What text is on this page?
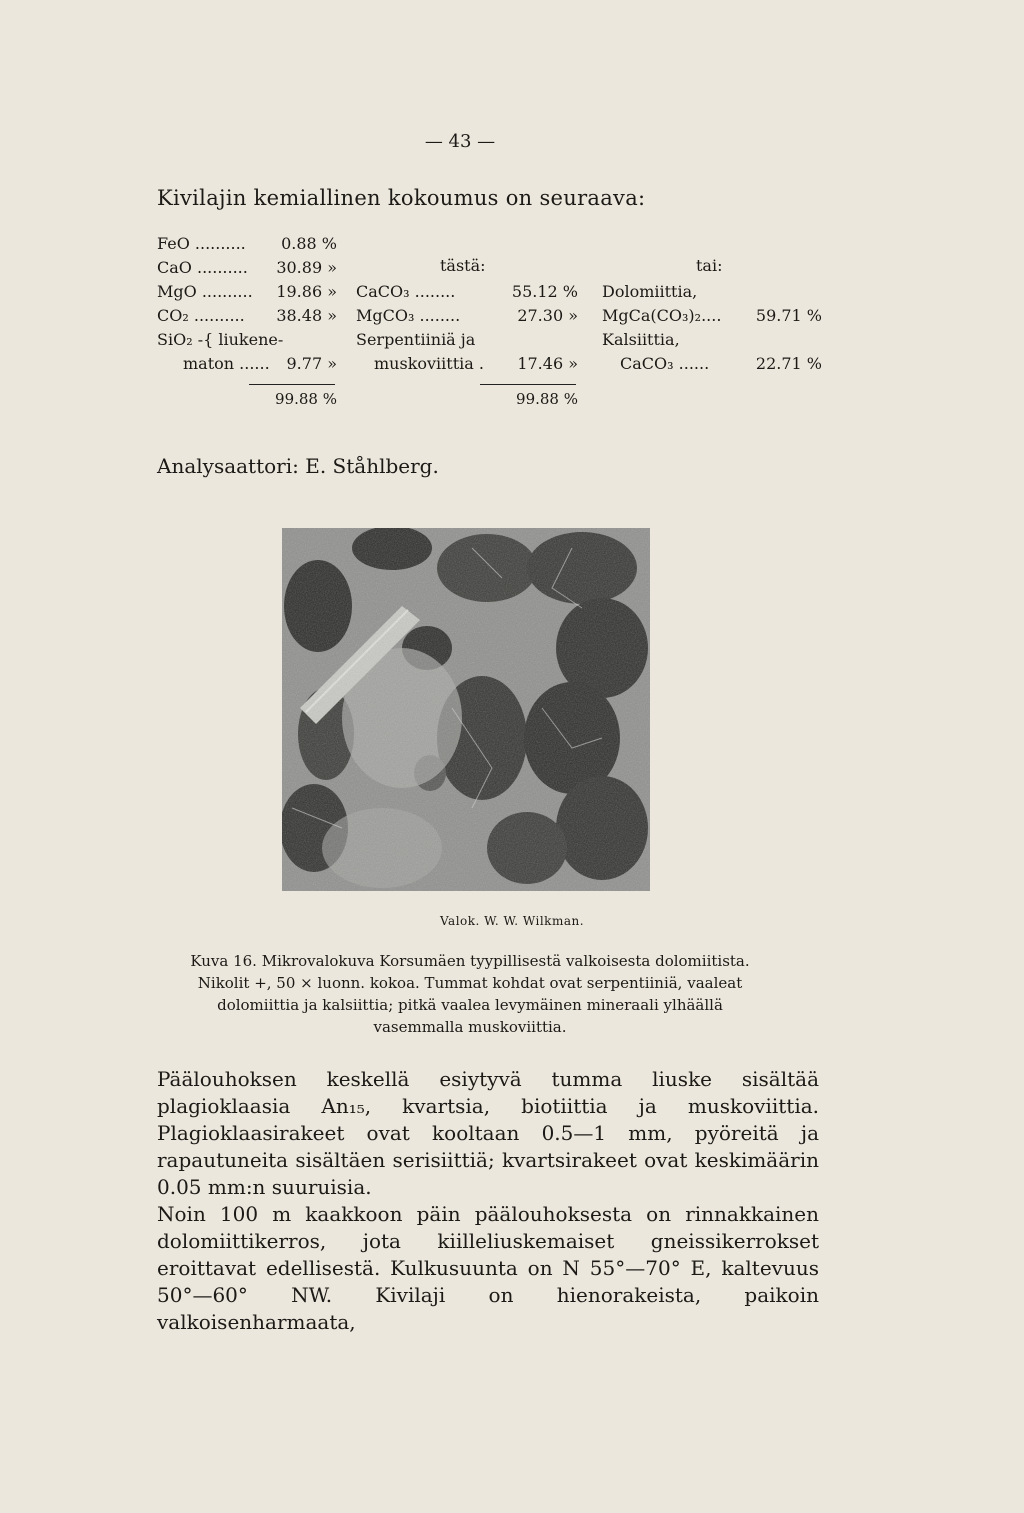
— 43 —
Kivilajin kemiallinen kokoumus on seuraava:
FeO .......... 0.88 %
CaO .......... 30.89 »
MgO .......... 19.86 »
CO₂ .......... 38.48 »
SiO₂ -{ liukene-
maton ...... 9.77 »
99.88 %
tästä:
CaCO₃ ........	55.12 %
MgCO₃ ........	27.30 »
Serpentiiniä ja
muskoviittia . 17.46 »
99.88 %
tai:
Dolomiittia,
MgCa(CO₃)₂.... 59.71 %
Kalsiittia,
CaCO₃ ......	22.71 %
Analysaattori: E. Ståhlberg.
Valok. W. W. Wilkman.
Kuva 16. Mikrovalokuva Korsumäen tyypillisestä valkoisesta dolomiitista. Nikolit +, 50 × luonn. kokoa. Tummat kohdat ovat serpentiiniä, vaaleat dolomiittia ja kalsiittia; pitkä vaalea levymäinen mineraali ylhäällä vasemmalla muskoviittia.

Päälouhoksen keskellä esiytyvä tumma liuske sisältää plagioklaasia An₁₅, kvartsia, biotiittia ja muskoviittia. Plagioklaasirakeet ovat kooltaan 0.5—1 mm, pyöreitä ja rapautuneita sisältäen serisiittiä; kvartsirakeet ovat keskimäärin 0.05 mm:n suuruisia.

Noin 100 m kaakkoon päin päälouhoksesta on rinnakkainen dolomiittikerros, jota kiilleliuskemaiset gneissikerrokset eroittavat edellisestä. Kulkusuunta on N 55°—70° E, kaltevuus 50°—60° NW. Kivilaji on hienorakeista, paikoin valkoisenharmaata,
